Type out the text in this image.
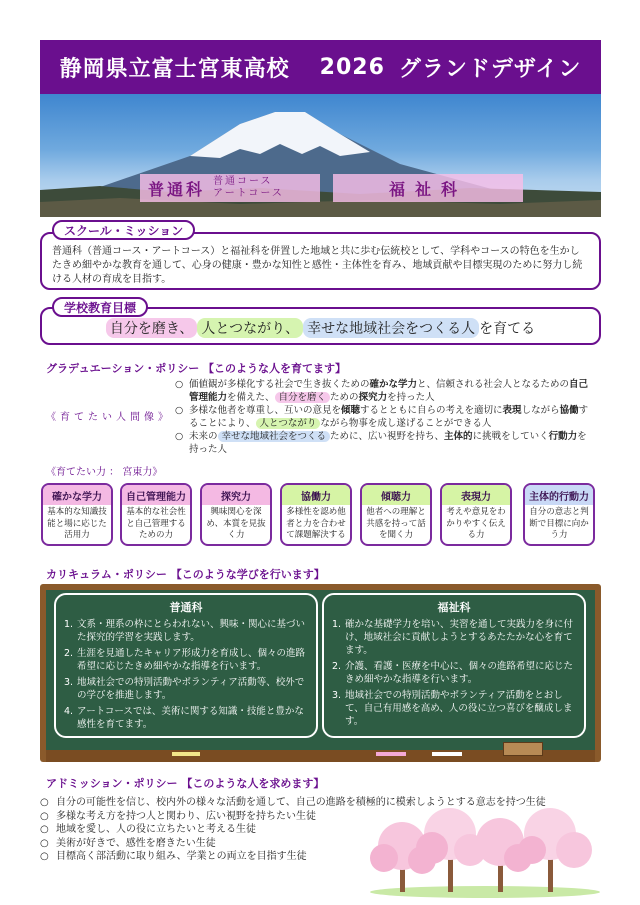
静岡県立富士宮東高校 2026 グランドデザイン
普通科 普通コース
アートコース	福祉科
普通科（普通コース・アートコース）と福祉科を併置した地域と共に歩む伝統校として、学科やコースの特色を生かしたきめ細やかな教育を通して、心身の健康・豊かな知性と感性・主体性を育み、地域貢献や目標実現のために努力し続ける人材の育成を目指す。
スクール・ミッション
自分を磨き、 人とつながり、 幸せな地域社会をつくる人 を育てる
学校教育目標
グラデュエーション・ポリシー 【このような人を育てます】
《育てたい人間像》
○ 価値観が多様化する社会で生き抜くための確かな学力と、信頼される社会人となるための自己管理能力を備えた、 自分を磨く ための探究力を持った人
○ 多様な他者を尊重し、互いの意見を傾聴するとともに自らの考えを適切に表現しながら協働することにより、 人とつながり ながら物事を成し遂げることができる人
○ 未来の 幸せな地域社会をつくる ために、広い視野を持ち、主体的に挑戦をしていく行動力を持った人
《育てたい力 ： 宮東力》
確かな学力
基本的な知識技能と場に応じた活用力
自己管理能力
基本的な社会性と自己管理するための力
探究力
興味関心を深め、本質を見抜く力
協働力
多様性を認め他者と力を合わせて課題解決する
傾聴力
他者への理解と共感を持って話を聞く力
表現力
考えや意見をわかりやすく伝える力
主体的行動力
自分の意志と判断で目標に向かう力
カリキュラム・ポリシー 【このような学びを行います】
普通科
1. 文系・理系の枠にとらわれない、興味・関心に基づいた探究的学習を実践します。
2. 生涯を見通したキャリア形成力を育成し、個々の進路希望に応じたきめ細やかな指導を行います。
3. 地域社会での特別活動やボランティア活動等、校外での学びを推進します。
4. アートコースでは、美術に関する知識・技能と豊かな感性を育てます。
福祉科
1. 確かな基礎学力を培い、実習を通して実践力を身に付け、地域社会に貢献しようとするあたたかな心を育てます。
2. 介護、看護・医療を中心に、個々の進路希望に応じたきめ細やかな指導を行います。
3. 地域社会での特別活動やボランティア活動をとおして、自己有用感を高め、人の役に立つ喜びを醸成します。
アドミッション・ポリシー 【このような人を求めます】
○ 自分の可能性を信じ、校内外の様々な活動を通して、自己の進路を積極的に模索しようとする意志を持つ生徒
○ 多様な考え方を持つ人と関わり、広い視野を持ちたい生徒
○ 地域を愛し、人の役に立ちたいと考える生徒
○ 美術が好きで、感性を磨きたい生徒
○ 目標高く部活動に取り組み、学業との両立を目指す生徒
